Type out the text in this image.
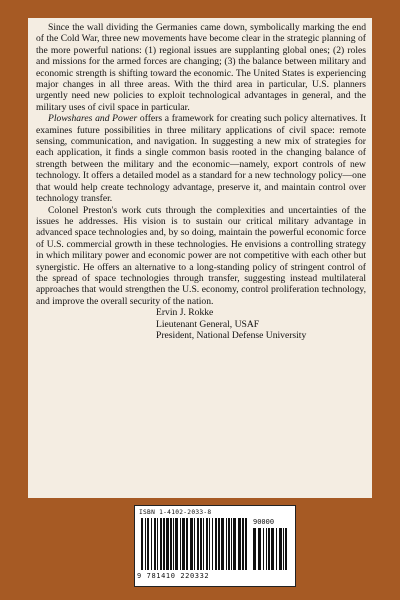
Since the wall dividing the Germanies came down, symbolically marking the end of the Cold War, three new movements have become clear in the strategic planning of the more powerful nations: (1) regional issues are supplanting global ones; (2) roles and missions for the armed forces are changing; (3) the balance between military and economic strength is shifting toward the economic. The United States is experiencing major changes in all three areas. With the third area in particular, U.S. planners urgently need new policies to exploit technological advantages in general, and the military uses of civil space in particular.

Plowshares and Power offers a framework for creating such policy alternatives. It examines future possibilities in three military applications of civil space: remote sensing, communication, and navigation. In suggesting a new mix of strategies for each application, it finds a single common basis rooted in the changing balance of strength between the military and the economic—namely, export controls of new technology. It offers a detailed model as a standard for a new technology policy—one that would help create technology advantage, preserve it, and maintain control over technology transfer.

Colonel Preston's work cuts through the complexities and uncertainties of the issues he addresses. His vision is to sustain our critical military advantage in advanced space technologies and, by so doing, maintain the powerful economic force of U.S. commercial growth in these technologies. He envisions a controlling strategy in which military power and economic power are not competitive with each other but synergistic. He offers an alternative to a long-standing policy of stringent control of the spread of space technologies through transfer, suggesting instead multilateral approaches that would strengthen the U.S. economy, control proliferation technology, and improve the overall security of the nation.

Ervin J. Rokke
Lieutenant General, USAF
President, National Defense University
ISBN 1-4102-2033-8
90000
9 781410 220332
